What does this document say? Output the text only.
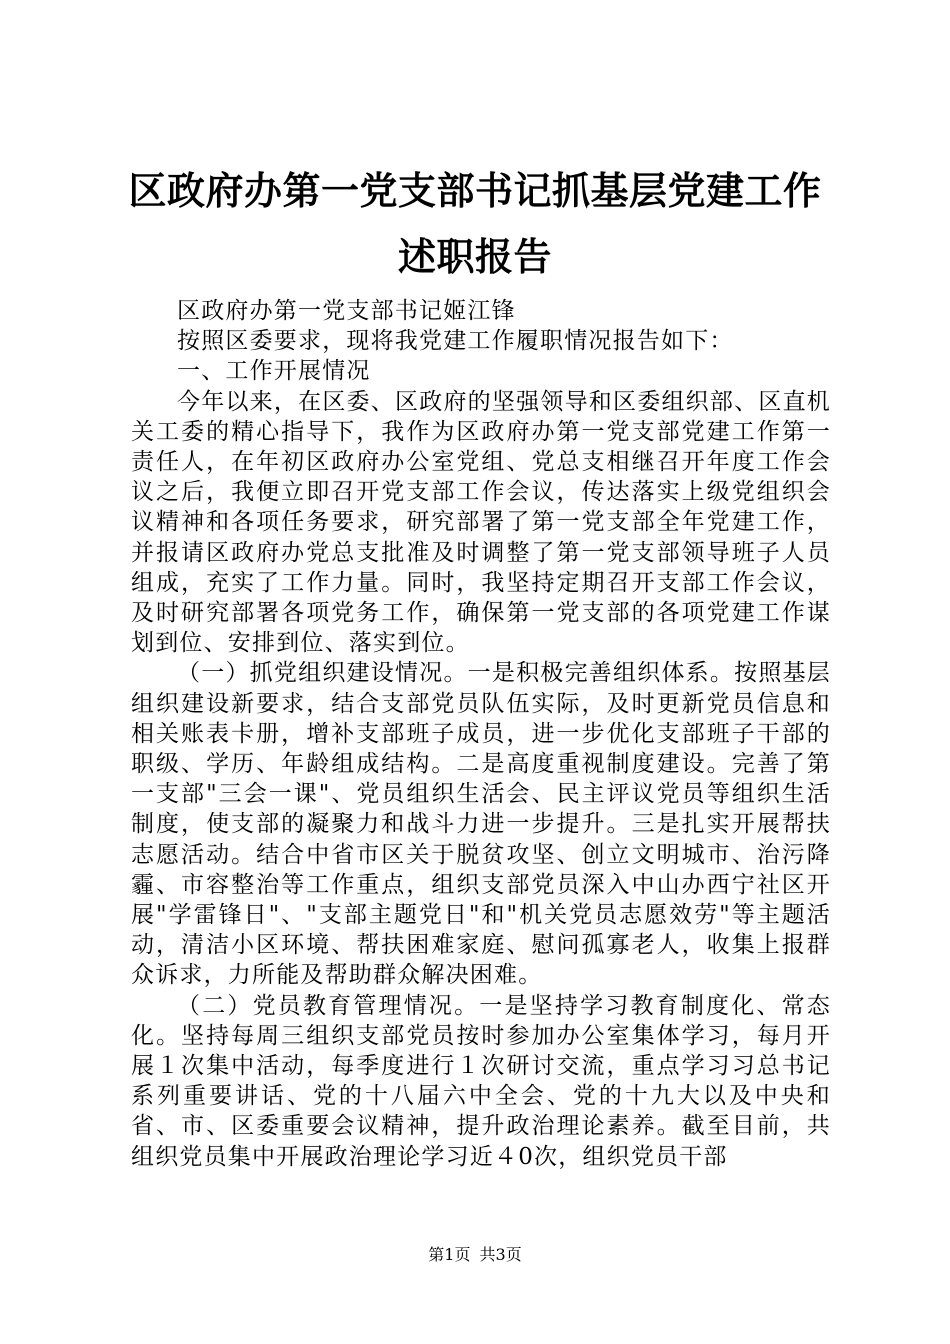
区政府办第一党支部书记抓基层党建工作述职报告

区政府办第一党支部书记姬江锋

按照区委要求，现将我党建工作履职情况报告如下：

一、工作开展情况

今年以来，在区委、区政府的坚强领导和区委组织部、区直机关工委的精心指导下，我作为区政府办第一党支部党建工作第一责任人，在年初区政府办公室党组、党总支相继召开年度工作会议之后，我便立即召开党支部工作会议，传达落实上级党组织会议精神和各项任务要求，研究部署了第一党支部全年党建工作，并报请区政府办党总支批准及时调整了第一党支部领导班子人员组成，充实了工作力量。同时，我坚持定期召开支部工作会议，及时研究部署各项党务工作，确保第一党支部的各项党建工作谋划到位、安排到位、落实到位。

（一）抓党组织建设情况。一是积极完善组织体系。按照基层组织建设新要求，结合支部党员队伍实际，及时更新党员信息和相关账表卡册，增补支部班子成员，进一步优化支部班子干部的职级、学历、年龄组成结构。二是高度重视制度建设。完善了第一支部"三会一课"、党员组织生活会、民主评议党员等组织生活制度，使支部的凝聚力和战斗力进一步提升。三是扎实开展帮扶志愿活动。结合中省市区关于脱贫攻坚、创立文明城市、治污降霾、市容整治等工作重点，组织支部党员深入中山办西宁社区开展"学雷锋日"、"支部主题党日"和"机关党员志愿效劳"等主题活动，清洁小区环境、帮扶困难家庭、慰问孤寡老人，收集上报群众诉求，力所能及帮助群众解决困难。

（二）党员教育管理情况。一是坚持学习教育制度化、常态化。坚持每周三组织支部党员按时参加办公室集体学习，每月开展１次集中活动，每季度进行１次研讨交流，重点学习习总书记系列重要讲话、党的十八届六中全会、党的十九大以及中央和省、市、区委重要会议精神，提升政治理论素养。截至目前，共组织党员集中开展政治理论学习近４0次，组织党员干部

第1页 共3页
